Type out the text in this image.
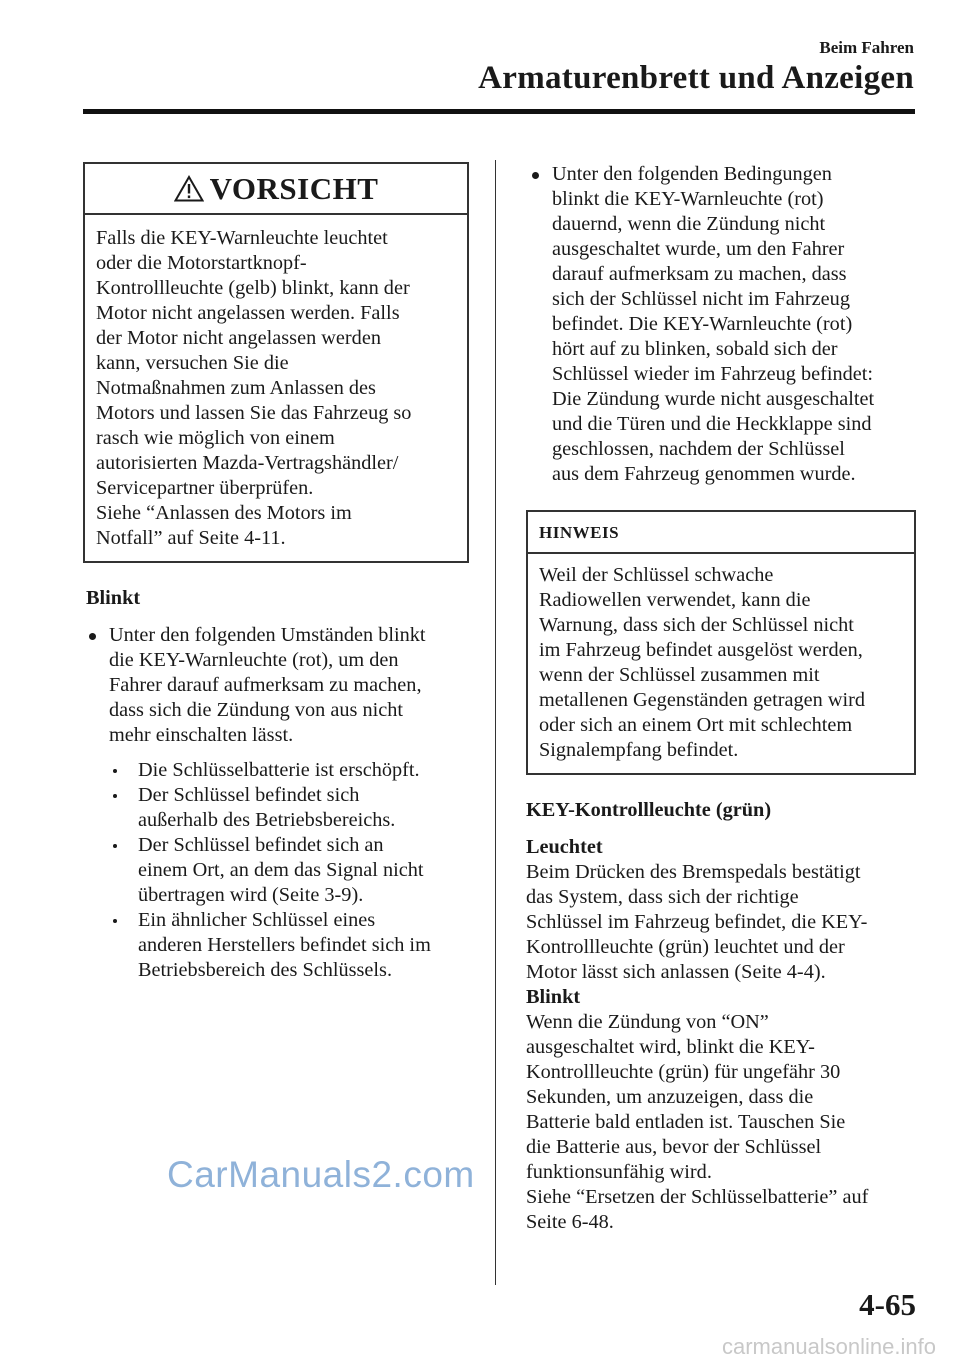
Beim Fahren
Armaturenbrett und Anzeigen
VORSICHT
Falls die KEY-Warnleuchte leuchtet
oder die Motorstartknopf-
Kontrollleuchte (gelb) blinkt, kann der
Motor nicht angelassen werden. Falls
der Motor nicht angelassen werden
kann, versuchen Sie die
Notmaßnahmen zum Anlassen des
Motors und lassen Sie das Fahrzeug so
rasch wie möglich von einem
autorisierten Mazda-Vertragshändler/
Servicepartner überprüfen.
Siehe “Anlassen des Motors im
Notfall” auf Seite 4-11.
Blinkt
Unter den folgenden Umständen blinkt
die KEY-Warnleuchte (rot), um den
Fahrer darauf aufmerksam zu machen,
dass sich die Zündung von aus nicht
mehr einschalten lässt.
Die Schlüsselbatterie ist erschöpft.
Der Schlüssel befindet sich
außerhalb des Betriebsbereichs.
Der Schlüssel befindet sich an
einem Ort, an dem das Signal nicht
übertragen wird (Seite 3-9).
Ein ähnlicher Schlüssel eines
anderen Herstellers befindet sich im
Betriebsbereich des Schlüssels.
Unter den folgenden Bedingungen
blinkt die KEY-Warnleuchte (rot)
dauernd, wenn die Zündung nicht
ausgeschaltet wurde, um den Fahrer
darauf aufmerksam zu machen, dass
sich der Schlüssel nicht im Fahrzeug
befindet. Die KEY-Warnleuchte (rot)
hört auf zu blinken, sobald sich der
Schlüssel wieder im Fahrzeug befindet:
Die Zündung wurde nicht ausgeschaltet
und die Türen und die Heckklappe sind
geschlossen, nachdem der Schlüssel
aus dem Fahrzeug genommen wurde.
HINWEIS
Weil der Schlüssel schwache
Radiowellen verwendet, kann die
Warnung, dass sich der Schlüssel nicht
im Fahrzeug befindet ausgelöst werden,
wenn der Schlüssel zusammen mit
metallenen Gegenständen getragen wird
oder sich an einem Ort mit schlechtem
Signalempfang befindet.
KEY-Kontrollleuchte (grün)
Leuchtet
Beim Drücken des Bremspedals bestätigt
das System, dass sich der richtige
Schlüssel im Fahrzeug befindet, die KEY-
Kontrollleuchte (grün) leuchtet und der
Motor lässt sich anlassen (Seite 4-4).
Blinkt
Wenn die Zündung von “ON”
ausgeschaltet wird, blinkt die KEY-
Kontrollleuchte (grün) für ungefähr 30
Sekunden, um anzuzeigen, dass die
Batterie bald entladen ist. Tauschen Sie
die Batterie aus, bevor der Schlüssel
funktionsunfähig wird.
Siehe “Ersetzen der Schlüsselbatterie” auf
Seite 6-48.
CarManuals2.com
4-65
carmanualsonline.info
